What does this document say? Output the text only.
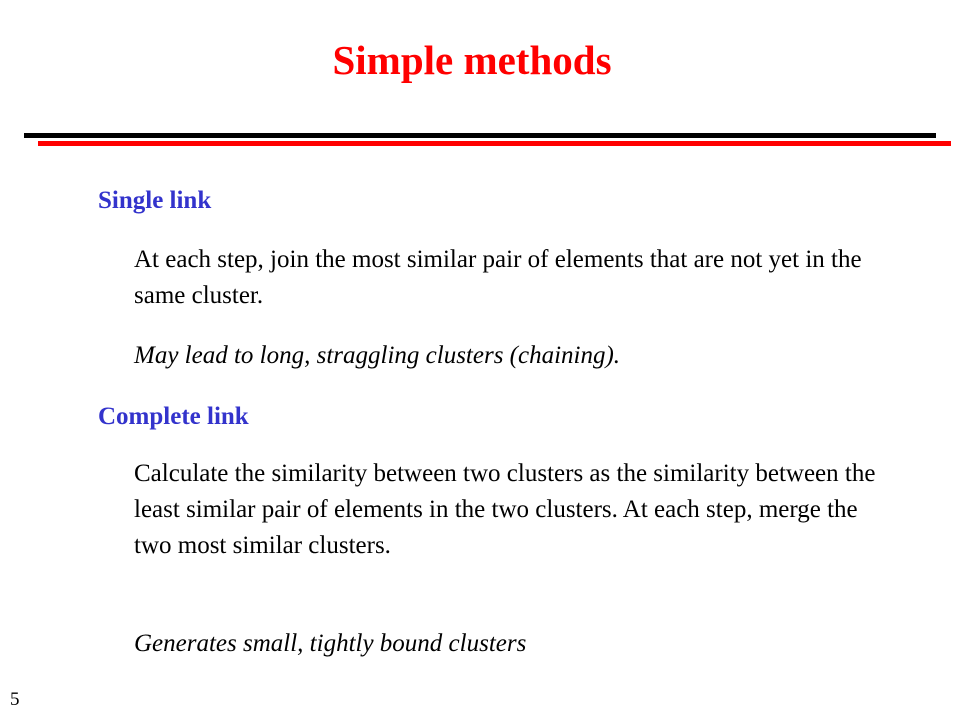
Simple methods
Single link

At each step, join the most similar pair of elements that are not yet in the same cluster.

May lead to long, straggling clusters (chaining).

Complete link

Calculate the similarity between two clusters as the similarity between the least similar pair of elements in the two clusters. At each step, merge the two most similar clusters.

Generates small, tightly bound clusters

5
